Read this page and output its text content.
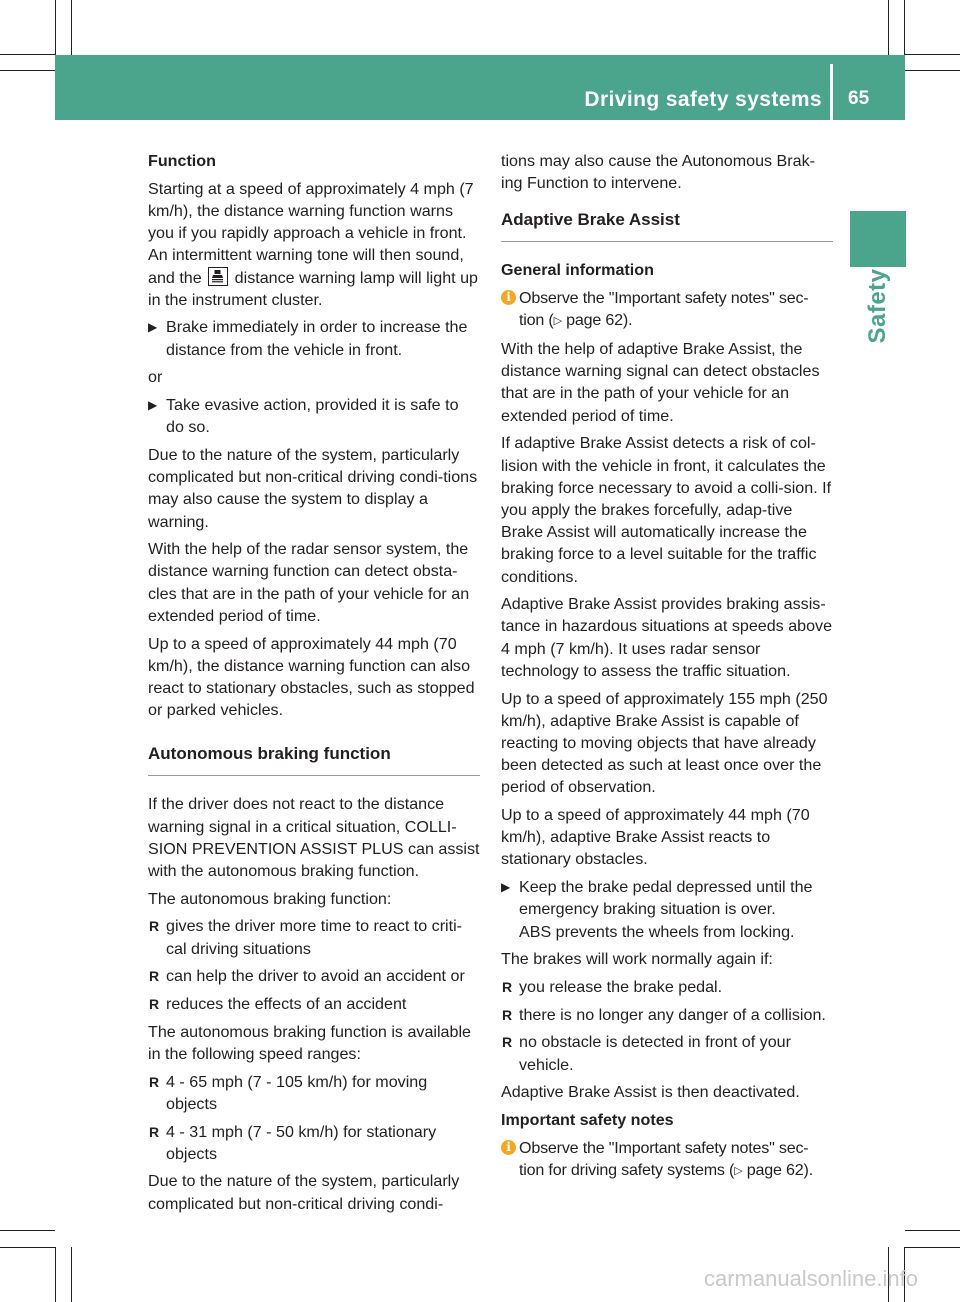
Driving safety systems 65
Safety

Function

Starting at a speed of approximately 4 mph (7 km/h), the distance warning function warns you if you rapidly approach a vehicle in front. An intermittent warning tone will then sound, and the distance warning lamp will light up in the instrument cluster.

▶ Brake immediately in order to increase the distance from the vehicle in front.

or

▶ Take evasive action, provided it is safe to do so.

Due to the nature of the system, particularly complicated but non-critical driving condi-tions may also cause the system to display a warning.

With the help of the radar sensor system, the distance warning function can detect obsta-cles that are in the path of your vehicle for an extended period of time.

Up to a speed of approximately 44 mph (70 km/h), the distance warning function can also react to stationary obstacles, such as stopped or parked vehicles.

Autonomous braking function

If the driver does not react to the distance warning signal in a critical situation, COLLI-SION PREVENTION ASSIST PLUS can assist with the autonomous braking function.

The autonomous braking function:

R gives the driver more time to react to criti-cal driving situations
R can help the driver to avoid an accident or
R reduces the effects of an accident

The autonomous braking function is available in the following speed ranges:

R 4 - 65 mph (7 - 105 km/h) for moving objects
R 4 - 31 mph (7 - 50 km/h) for stationary objects

Due to the nature of the system, particularly complicated but non-critical driving condi-

tions may also cause the Autonomous Brak-ing Function to intervene.

Adaptive Brake Assist

General information

i Observe the "Important safety notes" sec-tion (▷ page 62).

With the help of adaptive Brake Assist, the distance warning signal can detect obstacles that are in the path of your vehicle for an extended period of time.

If adaptive Brake Assist detects a risk of col-lision with the vehicle in front, it calculates the braking force necessary to avoid a colli-sion. If you apply the brakes forcefully, adap-tive Brake Assist will automatically increase the braking force to a level suitable for the traffic conditions.

Adaptive Brake Assist provides braking assis-tance in hazardous situations at speeds above 4 mph (7 km/h). It uses radar sensor technology to assess the traffic situation.

Up to a speed of approximately 155 mph (250 km/h), adaptive Brake Assist is capable of reacting to moving objects that have already been detected as such at least once over the period of observation.

Up to a speed of approximately 44 mph (70 km/h), adaptive Brake Assist reacts to stationary obstacles.

▶ Keep the brake pedal depressed until the emergency braking situation is over.
ABS prevents the wheels from locking.

The brakes will work normally again if:

R you release the brake pedal.
R there is no longer any danger of a collision.
R no obstacle is detected in front of your vehicle.

Adaptive Brake Assist is then deactivated.

Important safety notes

i Observe the "Important safety notes" sec-tion for driving safety systems (▷ page 62).
carmanualsonline.info
